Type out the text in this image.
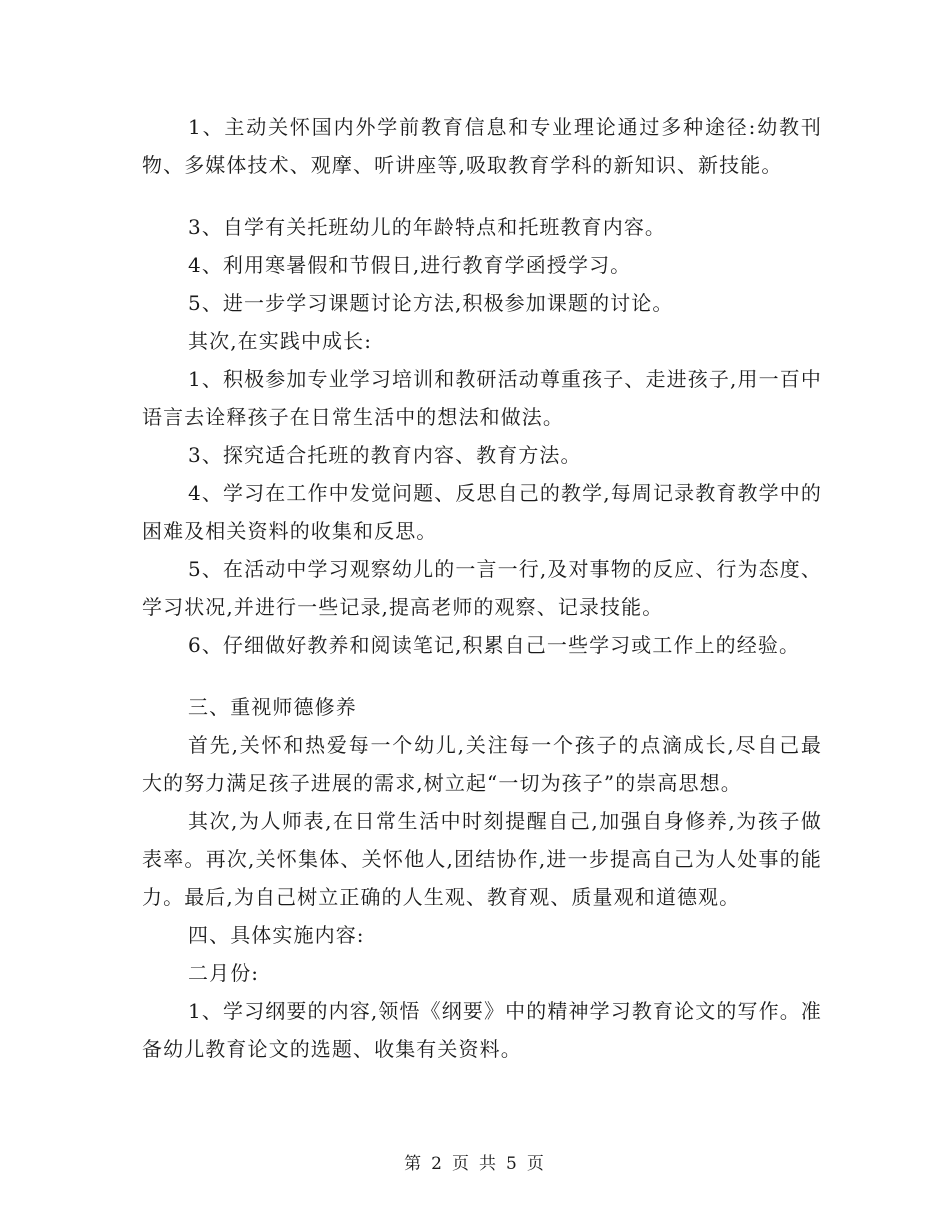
1、主动关怀国内外学前教育信息和专业理论通过多种途径:幼教刊物、多媒体技术、观摩、听讲座等,吸取教育学科的新知识、新技能。

3、自学有关托班幼儿的年龄特点和托班教育内容。

4、利用寒暑假和节假日,进行教育学函授学习。

5、进一步学习课题讨论方法,积极参加课题的讨论。

其次,在实践中成长:

1、积极参加专业学习培训和教研活动尊重孩子、走进孩子,用一百中语言去诠释孩子在日常生活中的想法和做法。

3、探究适合托班的教育内容、教育方法。

4、学习在工作中发觉问题、反思自己的教学,每周记录教育教学中的困难及相关资料的收集和反思。

5、在活动中学习观察幼儿的一言一行,及对事物的反应、行为态度、学习状况,并进行一些记录,提高老师的观察、记录技能。

6、仔细做好教养和阅读笔记,积累自己一些学习或工作上的经验。

三、重视师德修养

首先,关怀和热爱每一个幼儿,关注每一个孩子的点滴成长,尽自己最大的努力满足孩子进展的需求,树立起“一切为孩子”的崇高思想。

其次,为人师表,在日常生活中时刻提醒自己,加强自身修养,为孩子做表率。再次,关怀集体、关怀他人,团结协作,进一步提高自己为人处事的能力。最后,为自己树立正确的人生观、教育观、质量观和道德观。

四、具体实施内容:

二月份:

1、学习纲要的内容,领悟《纲要》中的精神学习教育论文的写作。准备幼儿教育论文的选题、收集有关资料。

第 2 页 共 5 页
